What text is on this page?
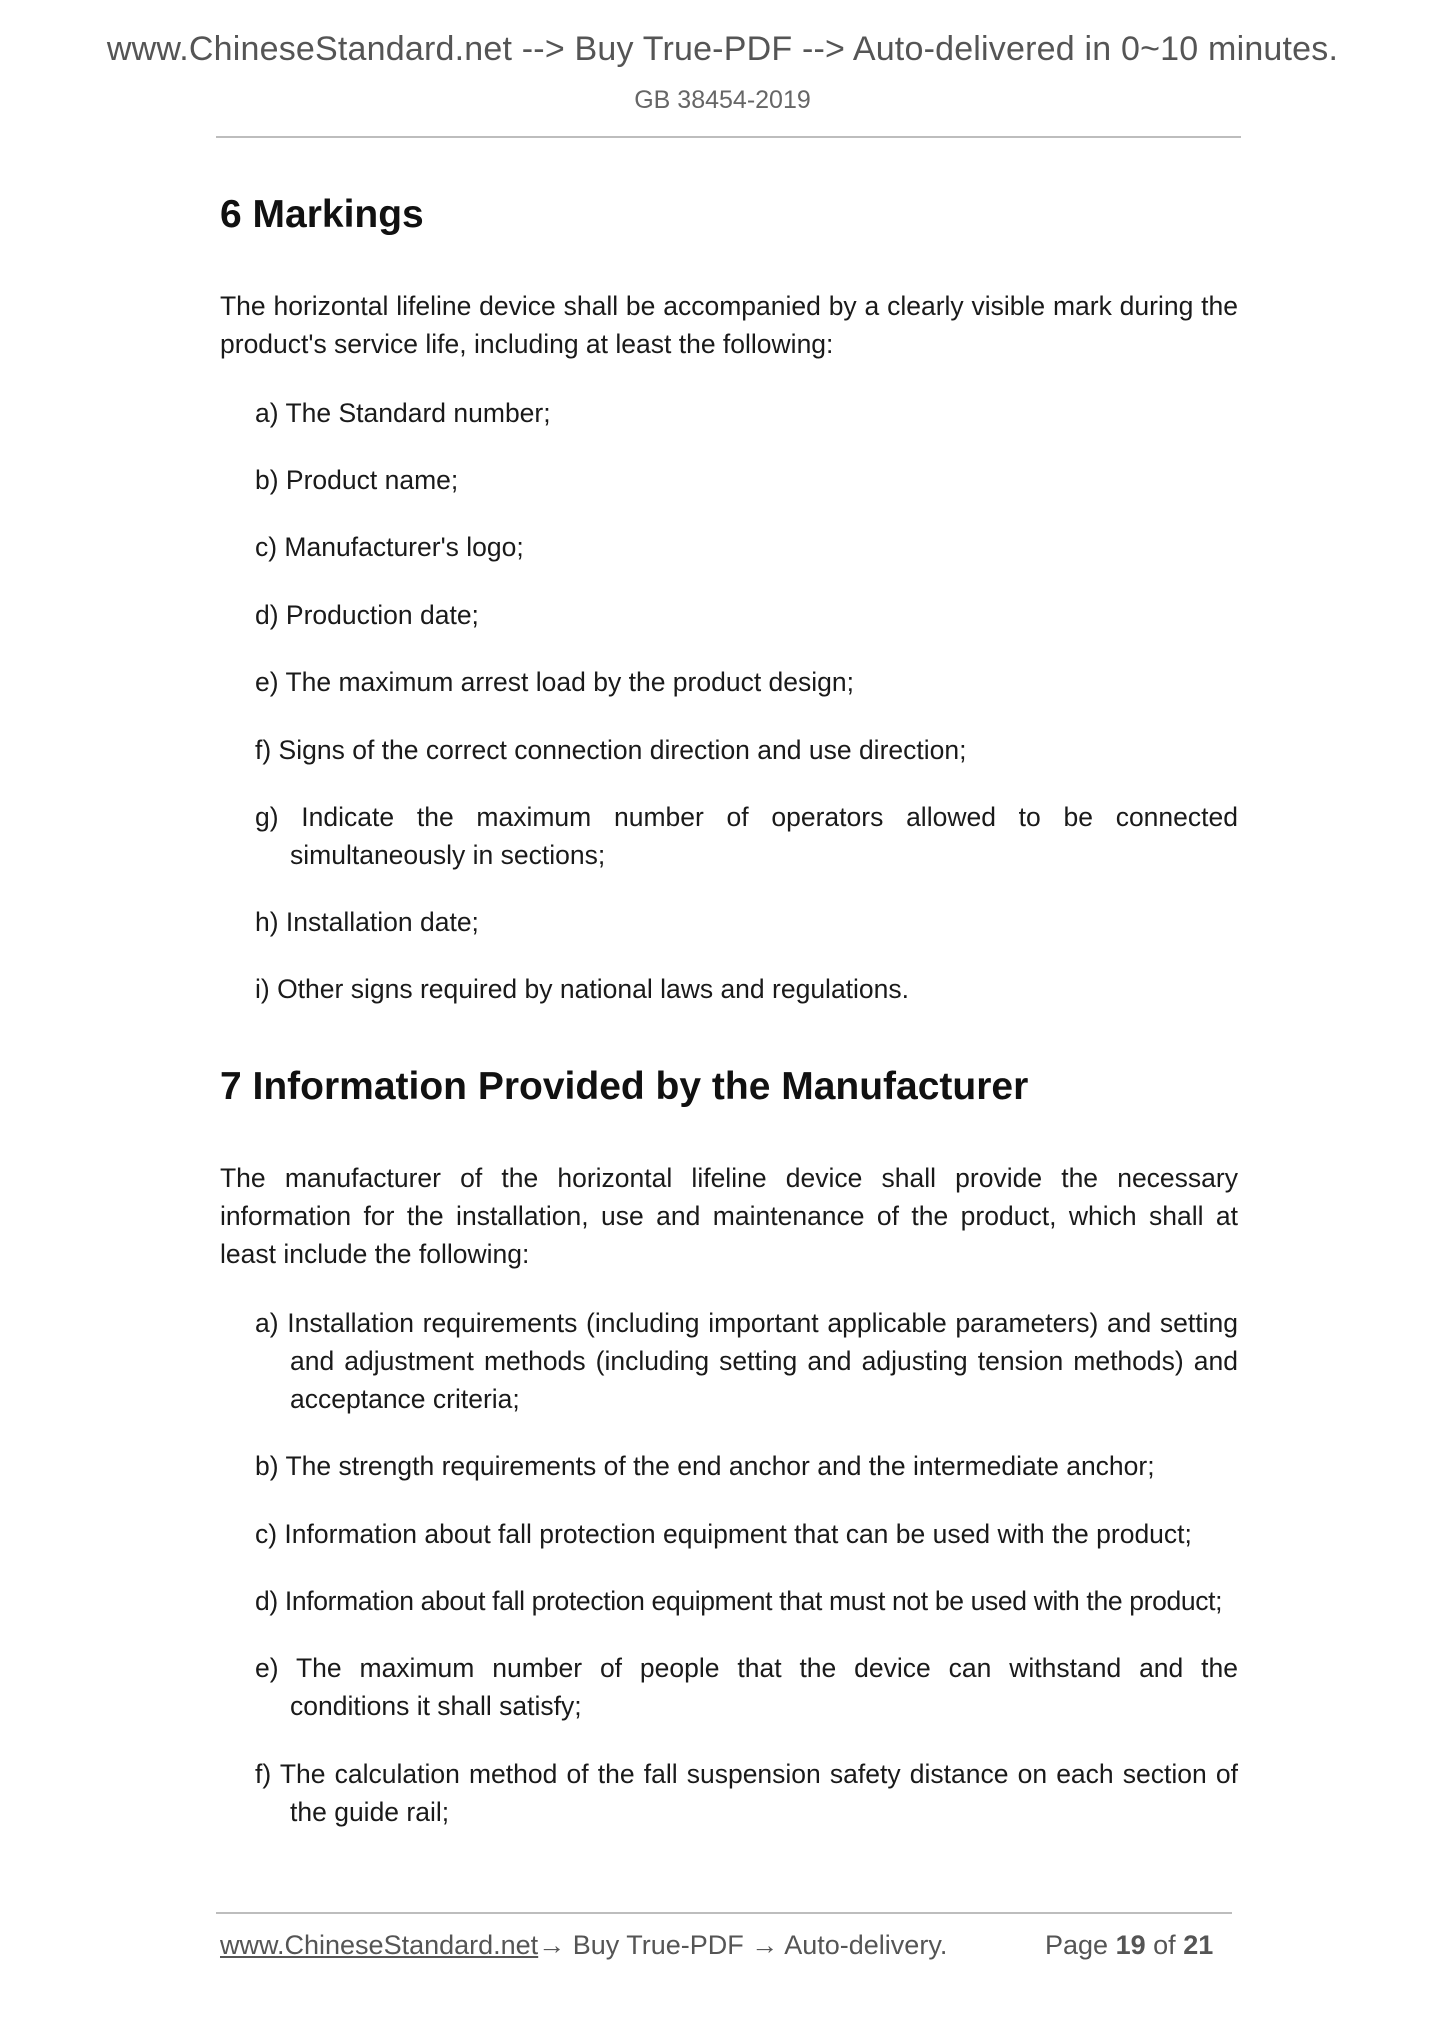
www.ChineseStandard.net --> Buy True-PDF --> Auto-delivered in 0~10 minutes.
GB 38454-2019
6 Markings
The horizontal lifeline device shall be accompanied by a clearly visible mark during the product's service life, including at least the following:
a) The Standard number;
b) Product name;
c) Manufacturer's logo;
d) Production date;
e) The maximum arrest load by the product design;
f) Signs of the correct connection direction and use direction;
g) Indicate the maximum number of operators allowed to be connected simultaneously in sections;
h) Installation date;
i) Other signs required by national laws and regulations.
7 Information Provided by the Manufacturer
The manufacturer of the horizontal lifeline device shall provide the necessary information for the installation, use and maintenance of the product, which shall at least include the following:
a) Installation requirements (including important applicable parameters) and setting and adjustment methods (including setting and adjusting tension methods) and acceptance criteria;
b) The strength requirements of the end anchor and the intermediate anchor;
c) Information about fall protection equipment that can be used with the product;
d) Information about fall protection equipment that must not be used with the product;
e) The maximum number of people that the device can withstand and the conditions it shall satisfy;
f) The calculation method of the fall suspension safety distance on each section of the guide rail;
www.ChineseStandard.net→ Buy True-PDF → Auto-delivery.	Page 19 of 21
